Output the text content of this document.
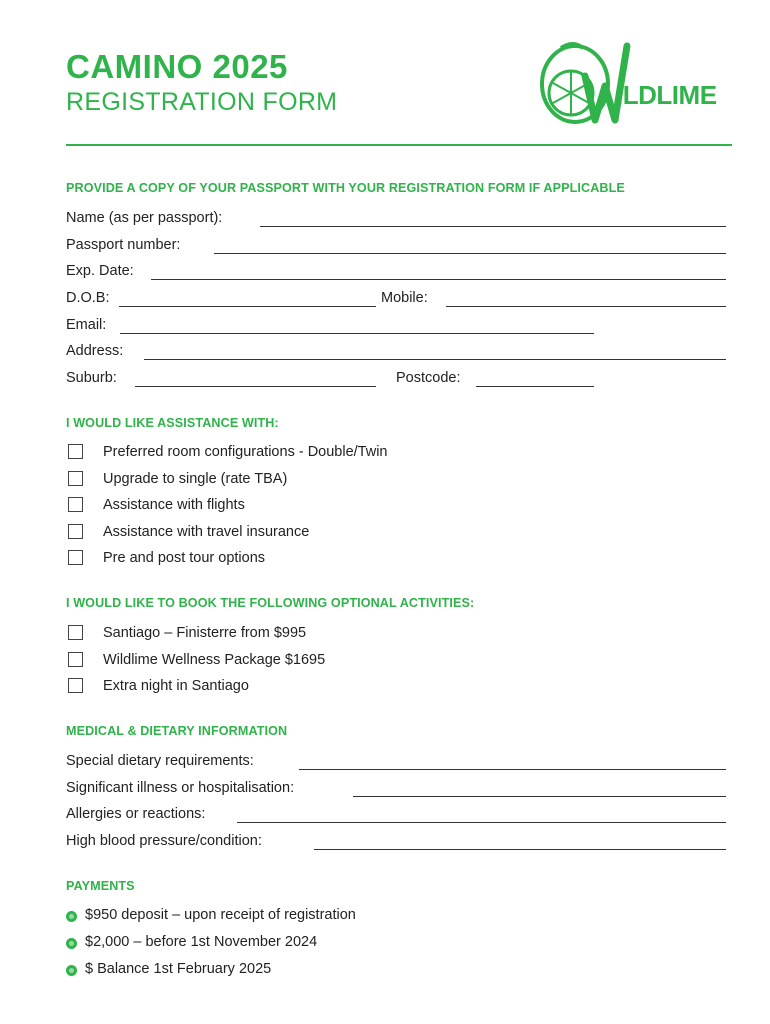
CAMINO 2025
REGISTRATION FORM	ILDLIME
PROVIDE A COPY OF YOUR PASSPORT WITH YOUR REGISTRATION FORM IF APPLICABLE
Name (as per passport):
Passport number:
Exp. Date:
D.O.B:	Mobile:
Email:
Address:
Suburb:	Postcode:
I WOULD LIKE ASSISTANCE WITH:
Preferred room configurations - Double/Twin
Upgrade to single (rate TBA)
Assistance with flights
Assistance with travel insurance
Pre and post tour options
I WOULD LIKE TO BOOK THE FOLLOWING OPTIONAL ACTIVITIES:
Santiago – Finisterre from $995
Wildlime Wellness Package $1695
Extra night in Santiago
MEDICAL & DIETARY INFORMATION
Special dietary requirements:
Significant illness or hospitalisation:
Allergies or reactions:
High blood pressure/condition:
PAYMENTS
$950 deposit – upon receipt of registration
$2,000 – before 1st November 2024
$ Balance 1st February 2025
